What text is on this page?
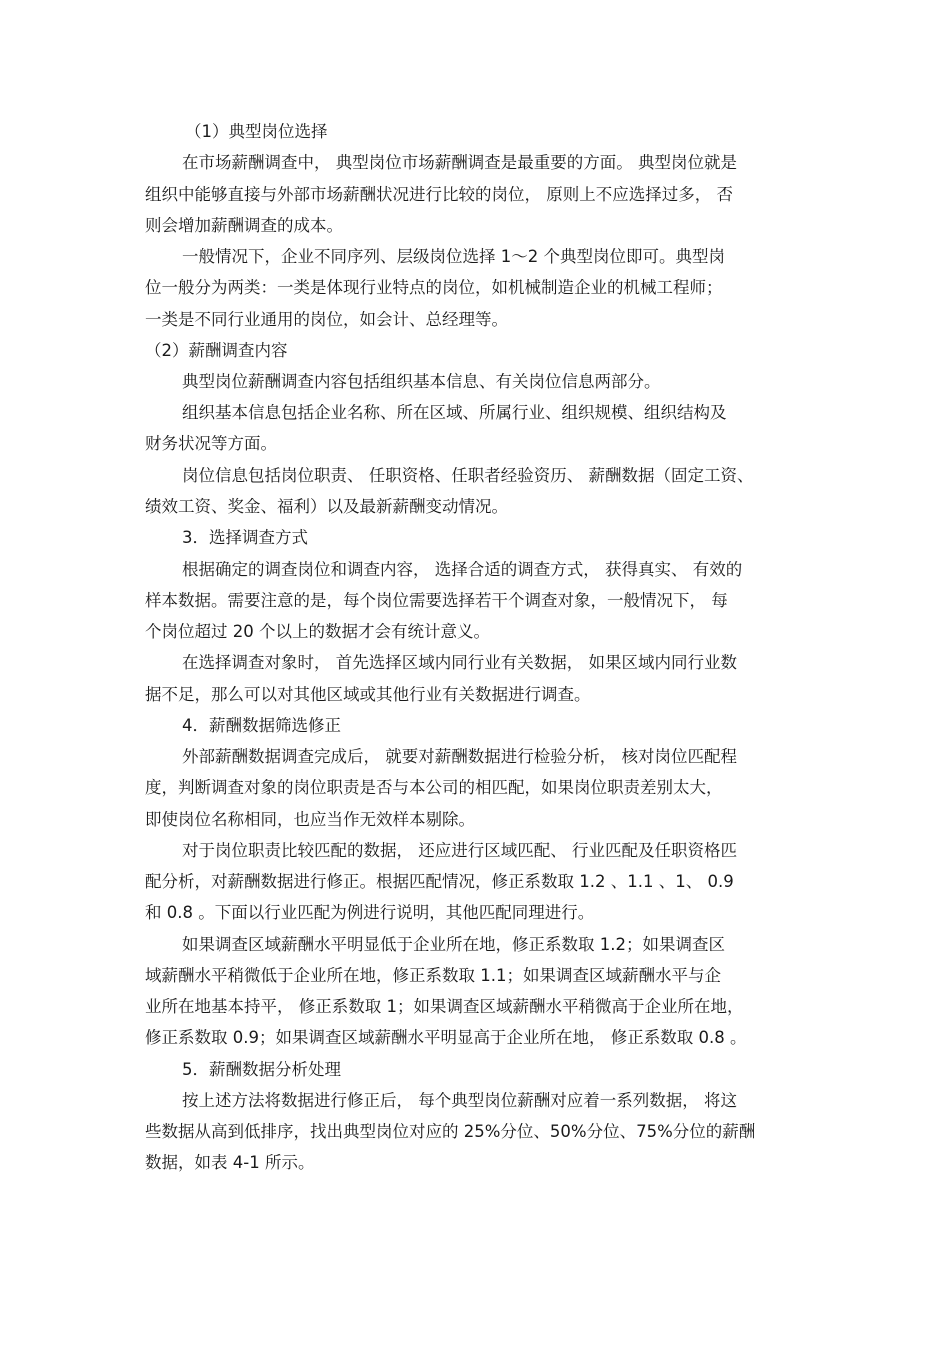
（1）典型岗位选择

在市场薪酬调查中， 典型岗位市场薪酬调查是最重要的方面。 典型岗位就是

组织中能够直接与外部市场薪酬状况进行比较的岗位， 原则上不应选择过多， 否

则会增加薪酬调查的成本。

一般情况下，企业不同序列、层级岗位选择 1～2 个典型岗位即可。典型岗

位一般分为两类：一类是体现行业特点的岗位，如机械制造企业的机械工程师；

一类是不同行业通用的岗位，如会计、总经理等。

（2）薪酬调查内容

典型岗位薪酬调查内容包括组织基本信息、有关岗位信息两部分。

组织基本信息包括企业名称、所在区域、所属行业、组织规模、组织结构及

财务状况等方面。

岗位信息包括岗位职责、 任职资格、任职者经验资历、 薪酬数据（固定工资、

绩效工资、奖金、福利）以及最新薪酬变动情况。

3．选择调查方式

根据确定的调查岗位和调查内容， 选择合适的调查方式， 获得真实、 有效的

样本数据。需要注意的是，每个岗位需要选择若干个调查对象，一般情况下， 每

个岗位超过 20 个以上的数据才会有统计意义。

在选择调查对象时， 首先选择区域内同行业有关数据， 如果区域内同行业数

据不足，那么可以对其他区域或其他行业有关数据进行调查。

4．薪酬数据筛选修正

外部薪酬数据调查完成后， 就要对薪酬数据进行检验分析， 核对岗位匹配程

度，判断调查对象的岗位职责是否与本公司的相匹配，如果岗位职责差别太大，

即使岗位名称相同，也应当作无效样本剔除。

对于岗位职责比较匹配的数据， 还应进行区域匹配、 行业匹配及任职资格匹

配分析，对薪酬数据进行修正。根据匹配情况，修正系数取 1.2 、1.1 、1、 0.9

和 0.8 。下面以行业匹配为例进行说明，其他匹配同理进行。

如果调查区域薪酬水平明显低于企业所在地，修正系数取 1.2；如果调查区

域薪酬水平稍微低于企业所在地，修正系数取 1.1；如果调查区域薪酬水平与企

业所在地基本持平， 修正系数取 1；如果调查区域薪酬水平稍微高于企业所在地，

修正系数取 0.9；如果调查区域薪酬水平明显高于企业所在地， 修正系数取 0.8 。

5．薪酬数据分析处理

按上述方法将数据进行修正后， 每个典型岗位薪酬对应着一系列数据， 将这

些数据从高到低排序，找出典型岗位对应的 25%分位、50%分位、75%分位的薪酬

数据，如表 4-1 所示。
